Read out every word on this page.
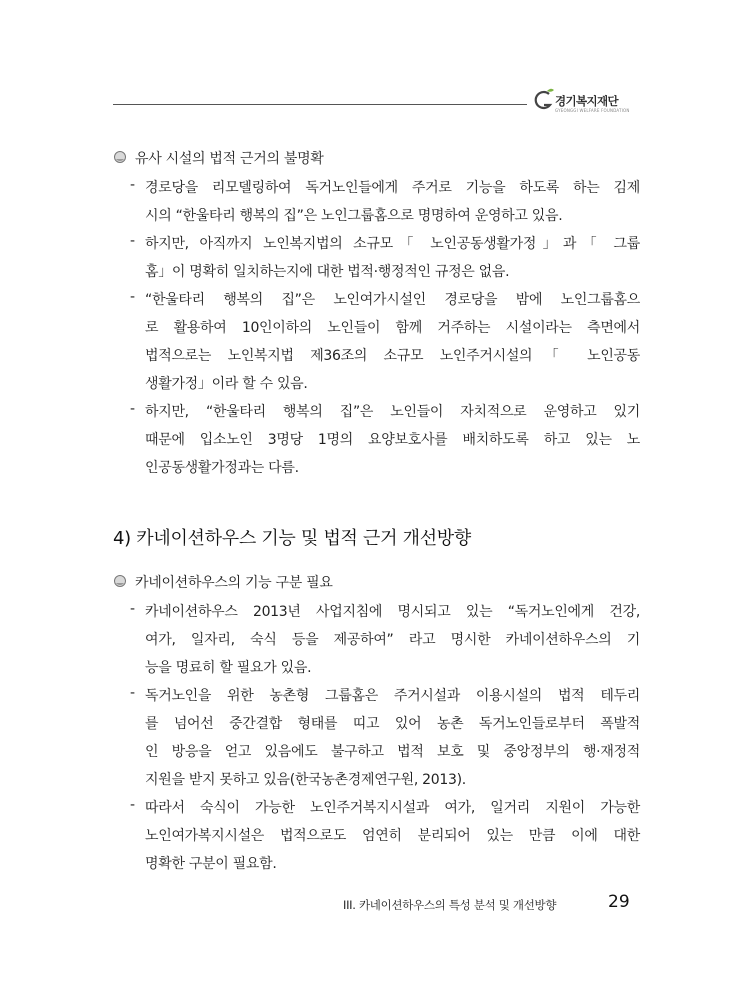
경기복지재단
GYEONGGI WELFARE FOUNDATION
유사 시설의 법적 근거의 불명확
- 경로당을 리모델링하여 독거노인들에게 주거로 기능을 하도록 하는 김제
시의 “한울타리 행복의 집”은 노인그룹홈으로 명명하여 운영하고 있음.
- 하지만, 아직까지 노인복지법의 소규모「 노인공동생활가정」과「 그룹
홈」이 명확히 일치하는지에 대한 법적·행정적인 규정은 없음.
- “한울타리 행복의 집”은 노인여가시설인 경로당을 밤에 노인그룹홈으
로 활용하여 10인이하의 노인들이 함께 거주하는 시설이라는 측면에서
법적으로는 노인복지법 제36조의 소규모 노인주거시설의「 노인공동
생활가정」이라 할 수 있음.
- 하지만, “한울타리 행복의 집”은 노인들이 자치적으로 운영하고 있기
때문에 입소노인 3명당 1명의 요양보호사를 배치하도록 하고 있는 노
인공동생활가정과는 다름.
4) 카네이션하우스 기능 및 법적 근거 개선방향
카네이션하우스의 기능 구분 필요
- 카네이션하우스 2013년 사업지침에 명시되고 있는 “독거노인에게 건강,
여가, 일자리, 숙식 등을 제공하여” 라고 명시한 카네이션하우스의 기
능을 명료히 할 필요가 있음.
- 독거노인을 위한 농촌형 그룹홈은 주거시설과 이용시설의 법적 테두리
를 넘어선 중간결합 형태를 띠고 있어 농촌 독거노인들로부터 폭발적
인 방응을 얻고 있음에도 불구하고 법적 보호 및 중앙정부의 행·재정적
지원을 받지 못하고 있음(한국농촌경제연구원, 2013).
- 따라서 숙식이 가능한 노인주거복지시설과 여가, 일거리 지원이 가능한
노인여가복지시설은 법적으로도 엄연히 분리되어 있는 만큼 이에 대한
명확한 구분이 필요함.
III. 카네이션하우스의 특성 분석 및 개선방향	29
